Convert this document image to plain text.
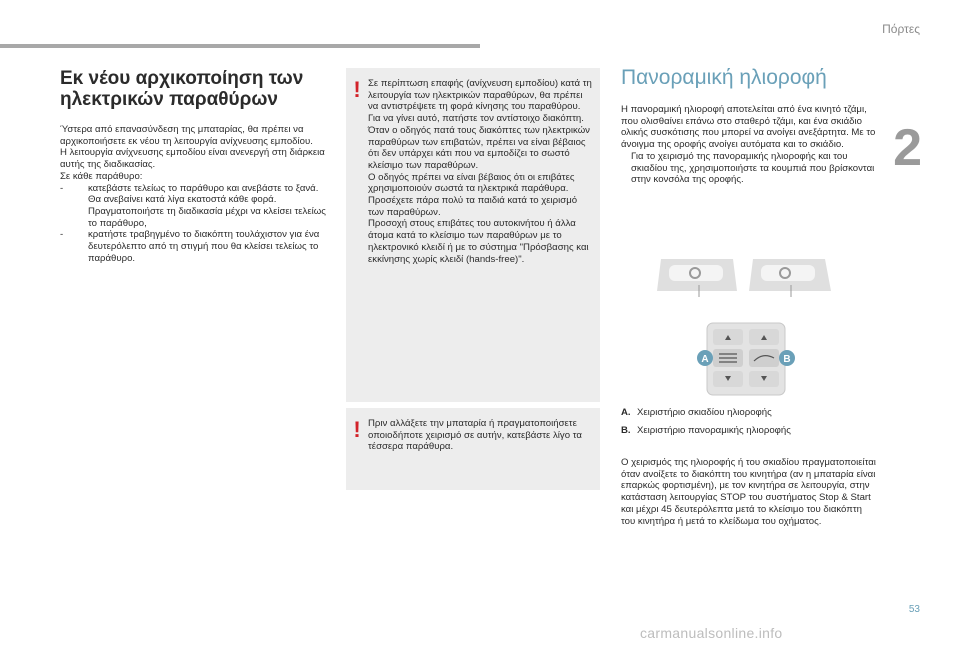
Πόρτες
2
53
carmanualsonline.info
Εκ νέου αρχικοποίηση των ηλεκτρικών παραθύρων

Ύστερα από επανασύνδεση της μπαταρίας, θα πρέπει να αρχικοποιήσετε εκ νέου τη λειτουργία ανίχνευσης εμποδίου.

Η λειτουργία ανίχνευσης εμποδίου είναι ανενεργή στη διάρκεια αυτής της διαδικασίας.

Σε κάθε παράθυρο:

-	κατεβάστε τελείως το παράθυρο και ανεβάστε το ξανά. Θα ανεβαίνει κατά λίγα εκατοστά κάθε φορά. Πραγματοποιήστε τη διαδικασία μέχρι να κλείσει τελείως το παράθυρο,
-	κρατήστε τραβηγμένο το διακόπτη τουλάχιστον για ένα δευτερόλεπτο από τη στιγμή που θα κλείσει τελείως το παράθυρο.
! Σε περίπτωση επαφής (ανίχνευση εμποδίου) κατά τη λειτουργία των ηλεκτρικών παραθύρων, θα πρέπει να αντιστρέψετε τη φορά κίνησης του παραθύρου. Για να γίνει αυτό, πατήστε τον αντίστοιχο διακόπτη.
Όταν ο οδηγός πατά τους διακόπτες των ηλεκτρικών παραθύρων των επιβατών, πρέπει να είναι βέβαιος ότι δεν υπάρχει κάτι που να εμποδίζει το σωστό κλείσιμο των παραθύρων.
Ο οδηγός πρέπει να είναι βέβαιος ότι οι επιβάτες χρησιμοποιούν σωστά τα ηλεκτρικά παράθυρα.
Προσέχετε πάρα πολύ τα παιδιά κατά το χειρισμό των παραθύρων.
Προσοχή στους επιβάτες του αυτοκινήτου ή άλλα άτομα κατά το κλείσιμο των παραθύρων με το ηλεκτρονικό κλειδί ή με το σύστημα "Πρόσβασης και εκκίνησης χωρίς κλειδί (hands-free)".
! Πριν αλλάξετε την μπαταρία ή πραγματοποιήσετε οποιοδήποτε χειρισμό σε αυτήν, κατεβάστε λίγο τα τέσσερα παράθυρα.
Πανοραμική ηλιοροφή

Η πανοραμική ηλιοροφή αποτελείται από ένα κινητό τζάμι, που ολισθαίνει επάνω στο σταθερό τζάμι, και ένα σκιάδιο ολικής συσκότισης που μπορεί να ανοίγει ανεξάρτητα. Με το άνοιγμα της οροφής ανοίγει αυτόματα και το σκιάδιο.

Για το χειρισμό της πανοραμικής ηλιοροφής και του σκιαδίου της, χρησιμοποιήστε τα κουμπιά που βρίσκονται στην κονσόλα της οροφής.
A	B
A. Χειριστήριο σκιαδίου ηλιοροφής
B. Χειριστήριο πανοραμικής ηλιοροφής

Ο χειρισμός της ηλιοροφής ή του σκιαδίου πραγματοποιείται όταν ανοίξετε το διακόπτη του κινητήρα (αν η μπαταρία είναι επαρκώς φορτισμένη), με τον κινητήρα σε λειτουργία, στην κατάσταση λειτουργίας STOP του συστήματος Stop & Start και μέχρι 45 δευτερόλεπτα μετά το κλείσιμο του διακόπτη του κινητήρα ή μετά το κλείδωμα του οχήματος.
